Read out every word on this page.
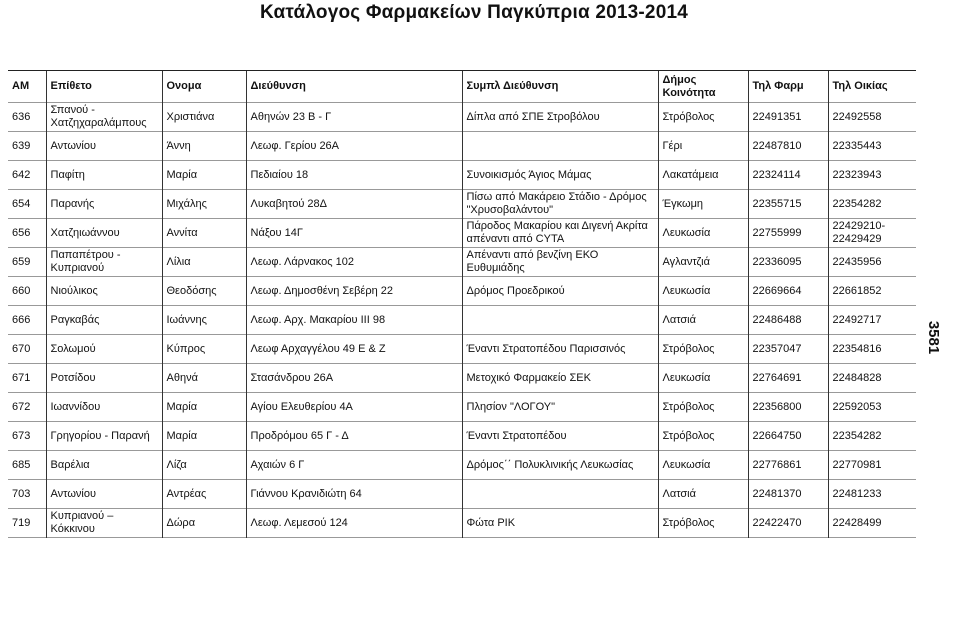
Κατάλογος Φαρμακείων Παγκύπρια 2013-2014
AM	Επίθετο	Ονομα	Διεύθυνση	Συμπλ Διεύθυνση	Δήμος Κοινότητα	Τηλ Φαρμ	Τηλ Οικίας
636	Σπανού - Χατζηχαραλάμπους	Χριστιάνα	Αθηνών 23 Β - Γ	Δίπλα από ΣΠΕ Στροβόλου	Στρόβολος	22491351	22492558
639	Αντωνίου	Άννη	Λεωφ. Γερίου 26Α		Γέρι	22487810	22335443
642	Παφίτη	Μαρία	Πεδιαίου 18	Συνοικισμός Άγιος Μάμας	Λακατάμεια	22324114	22323943
654	Παρανής	Μιχάλης	Λυκαβητού 28Δ	Πίσω από Μακάρειο Στάδιο - Δρόμος "Χρυσοβαλάντου"	Έγκωμη	22355715	22354282
656	Χατζηιωάννου	Αννίτα	Νάξου 14Γ	Πάροδος Μακαρίου και Διγενή Ακρίτα απέναντι από CYTA	Λευκωσία	22755999	22429210-22429429
659	Παπαπέτρου - Κυπριανού	Λίλια	Λεωφ. Λάρνακος 102	Απέναντι από βενζίνη ΕΚΟ Ευθυμιάδης	Αγλαντζιά	22336095	22435956
660	Νιούλικος	Θεοδόσης	Λεωφ. Δημοσθένη Σεβέρη 22	Δρόμος Προεδρικού	Λευκωσία	22669664	22661852
666	Ραγκαβάς	Ιωάννης	Λεωφ. Αρχ. Μακαρίου ΙΙΙ 98		Λατσιά	22486488	22492717
670	Σολωμού	Κύπρος	Λεωφ Αρχαγγέλου 49 Ε & Ζ	Έναντι Στρατοπέδου Παρισσινός	Στρόβολος	22357047	22354816
671	Ροτσίδου	Αθηνά	Στασάνδρου 26Α	Μετοχικό Φαρμακείο ΣΕΚ	Λευκωσία	22764691	22484828
672	Ιωαννίδου	Μαρία	Αγίου Ελευθερίου 4Α	Πλησίον "ΛΟΓΟΥ"	Στρόβολος	22356800	22592053
673	Γρηγορίου - Παρανή	Μαρία	Προδρόμου 65 Γ - Δ	Έναντι Στρατοπέδου	Στρόβολος	22664750	22354282
685	Βαρέλια	Λίζα	Αχαιών 6 Γ	Δρόμος΄΄ Πολυκλινικής Λευκωσίας	Λευκωσία	22776861	22770981
703	Αντωνίου	Αντρέας	Γιάννου Κρανιδιώτη 64		Λατσιά	22481370	22481233
719	Κυπριανού – Κόκκινου	Δώρα	Λεωφ. Λεμεσού 124	Φώτα ΡΙΚ	Στρόβολος	22422470	22428499
3581
